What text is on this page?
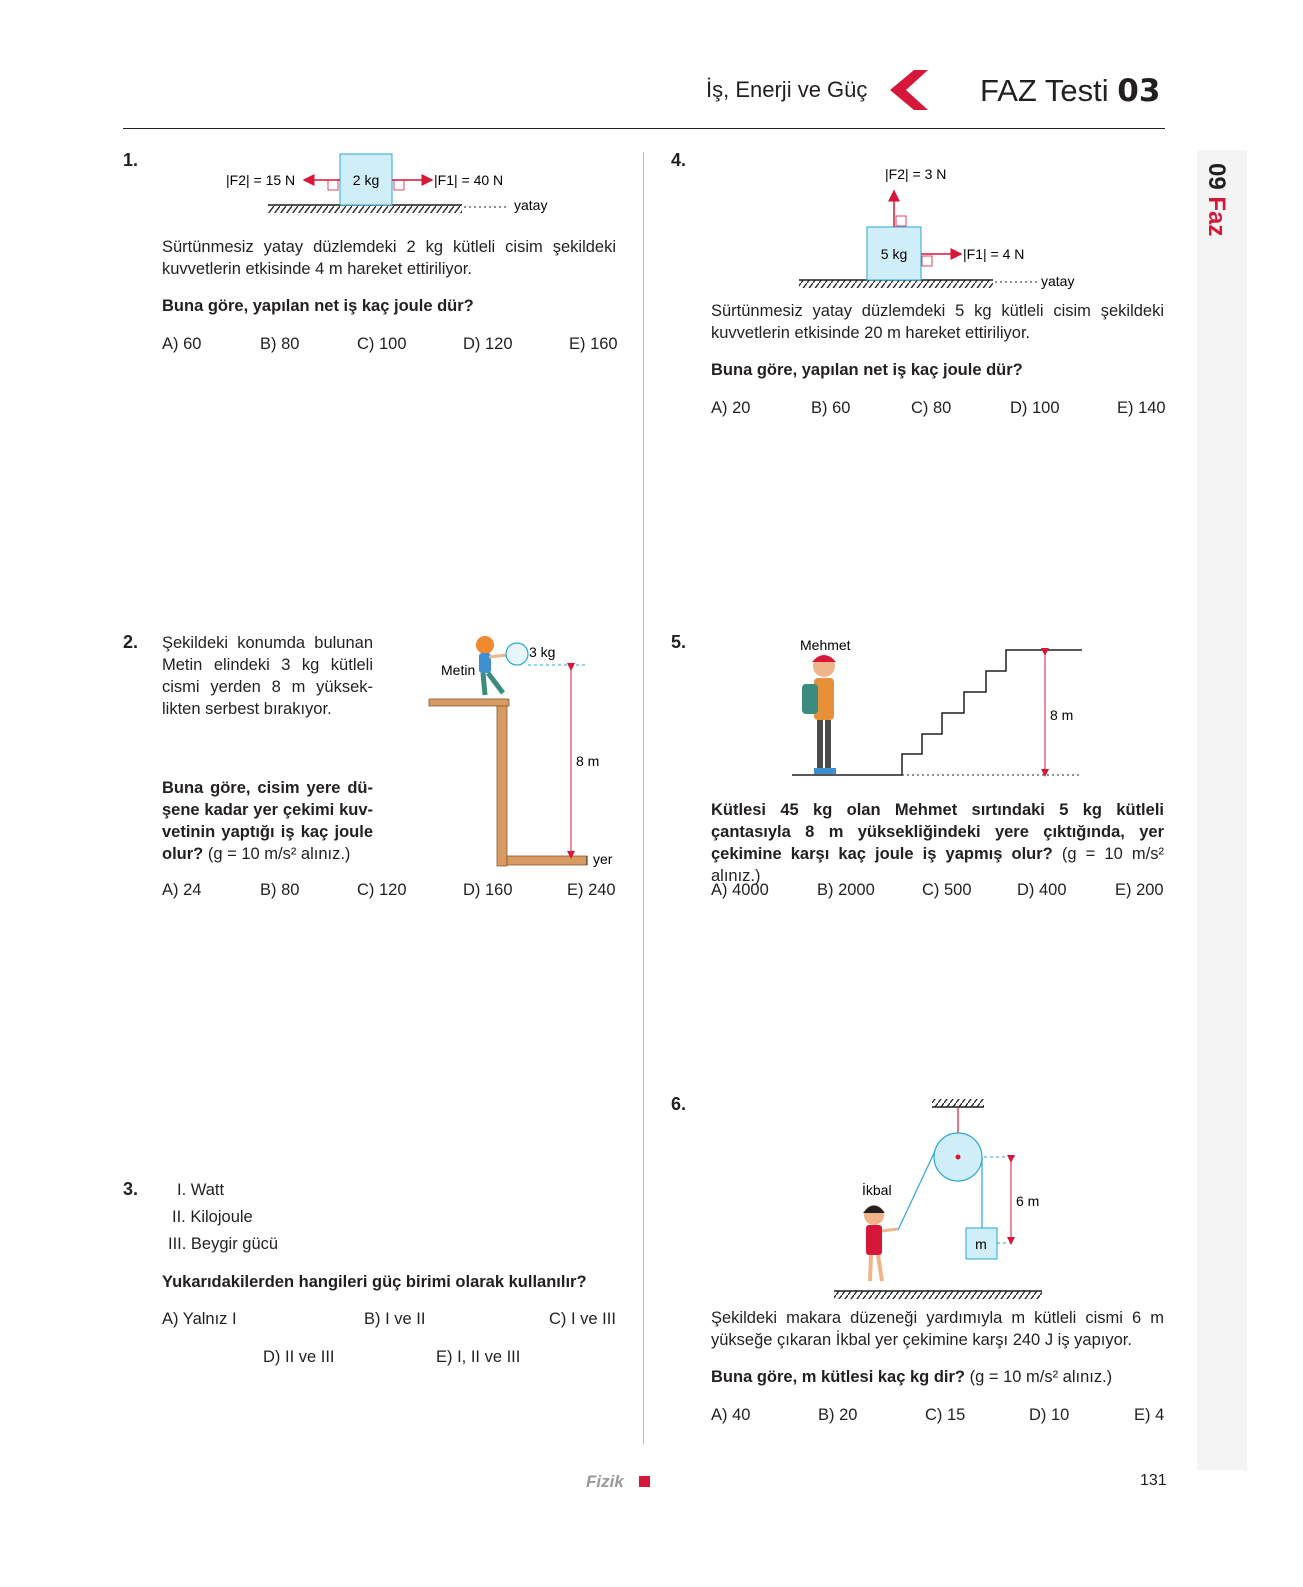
İş, Enerji ve Güç	FAZ Testi 03
09 Faz
1.
2 kg
|F2| = 15 N	|F1| = 40 N
yatay
Sürtünmesiz yatay düzlemdeki 2 kg kütleli cisim şekildeki kuvvetlerin etkisinde 4 m hareket ettiriliyor.
Buna göre, yapılan net iş kaç joule dür?
A) 60	B) 80	C) 100	D) 120	E) 160
2. Şekildeki konumda bulunan Metin elindeki 3 kg kütleli cismi yerden 8 m yüksek-likten serbest bırakıyor.
Buna göre, cisim yere dü-şene kadar yer çekimi kuv-vetinin yaptığı iş kaç joule olur? (g = 10 m/s² alınız.)
3 kg
Metin
8 m
yer
A) 24	B) 80	C) 120	D) 160	E) 240
3. I. Watt
II. Kilojoule
III. Beygir gücü
Yukarıdakilerden hangileri güç birimi olarak kullanılır?
A) Yalnız I	B) I ve II	C) I ve III
D) II ve III	E) I, II ve III
4.
5 kg
|F2| = 3 N
|F1| = 4 N
yatay
Sürtünmesiz yatay düzlemdeki 5 kg kütleli cisim şekildeki kuvvetlerin etkisinde 20 m hareket ettiriliyor.
Buna göre, yapılan net iş kaç joule dür?
A) 20	B) 60	C) 80	D) 100	E) 140
5.	Mehmet
8 m
Kütlesi 45 kg olan Mehmet sırtındaki 5 kg kütleli çantasıyla 8 m yüksekliğindeki yere çıktığında, yer çekimine karşı kaç joule iş yapmış olur? (g = 10 m/s² alınız.)
A) 4000	B) 2000	C) 500	D) 400	E) 200
6.
İkbal
6 m
m
Şekildeki makara düzeneği yardımıyla m kütleli cismi 6 m yükseğe çıkaran İkbal yer çekimine karşı 240 J iş yapıyor.
Buna göre, m kütlesi kaç kg dir? (g = 10 m/s² alınız.)
A) 40	B) 20	C) 15	D) 10	E) 4
Fizik	131
